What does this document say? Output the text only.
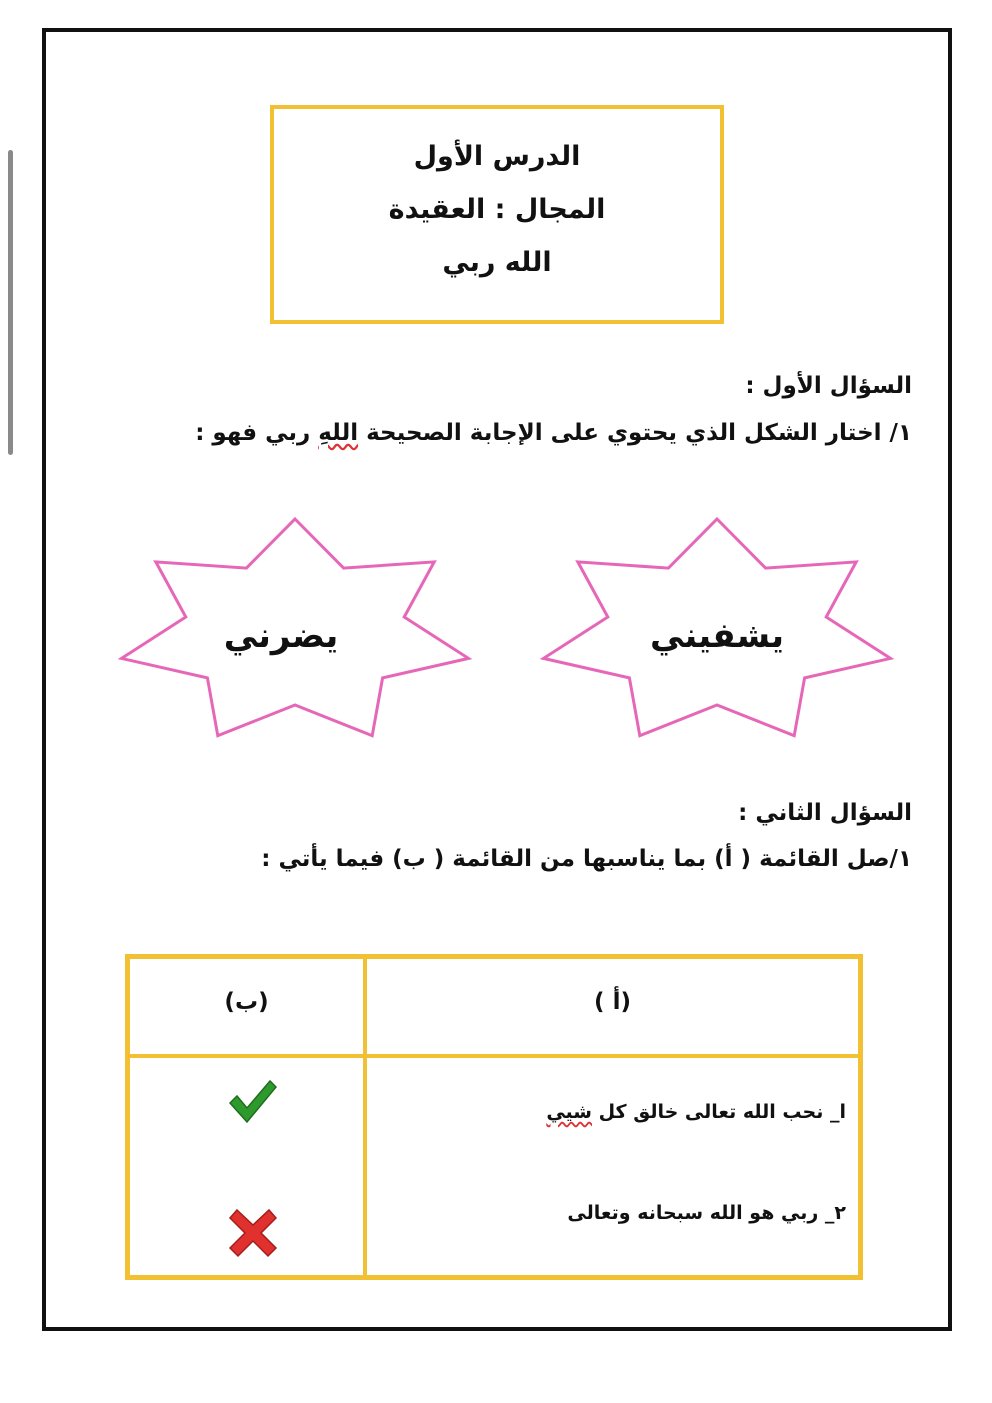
الدرس الأول
المجال : العقيدة
الله ربي
السؤال الأول :
١/ اختار الشكل الذي يحتوي على الإجابة الصحيحة اللهِ ربي فهو :
يشفيني
يضرني
السؤال الثاني :
١/صل القائمة ( أ) بما يناسبها من القائمة ( ب) فيما يأتي :
( أ)
(ب)
ا_ نحب الله تعالى خالق كل شيي
٢_ ربي هو الله سبحانه وتعالى
